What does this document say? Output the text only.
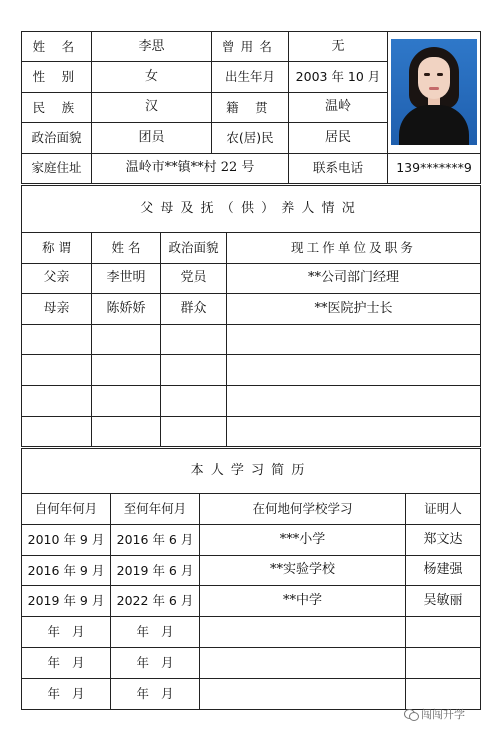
姓 名	李思	曾用名	无	

性 别	女	出生年月	2003 年 10 月	
民 族	汉	籍 贯	温岭	
政治面貌	团员	农(居)民	居民	
家庭住址	温岭市**镇**村 22 号		联系电话	139*******9
父母及抚（供）养人情况			
称 谓	姓 名	政治面貌	现工作单位及职务
父亲	李世明	党员	**公司部门经理
母亲	陈娇娇	群众	**医院护士长

本人学习简历			
自何年何月	至何年何月	在何地何学校学习	证明人
2010 年 9 月	2016 年 6 月	***小学	郑文达
2016 年 9 月	2019 年 6 月	**实验学校	杨建强
2019 年 9 月	2022 年 6 月	**中学	吴敏丽
年   月	年   月		
年   月	年   月		
年   月	年   月		
闯闯升学
